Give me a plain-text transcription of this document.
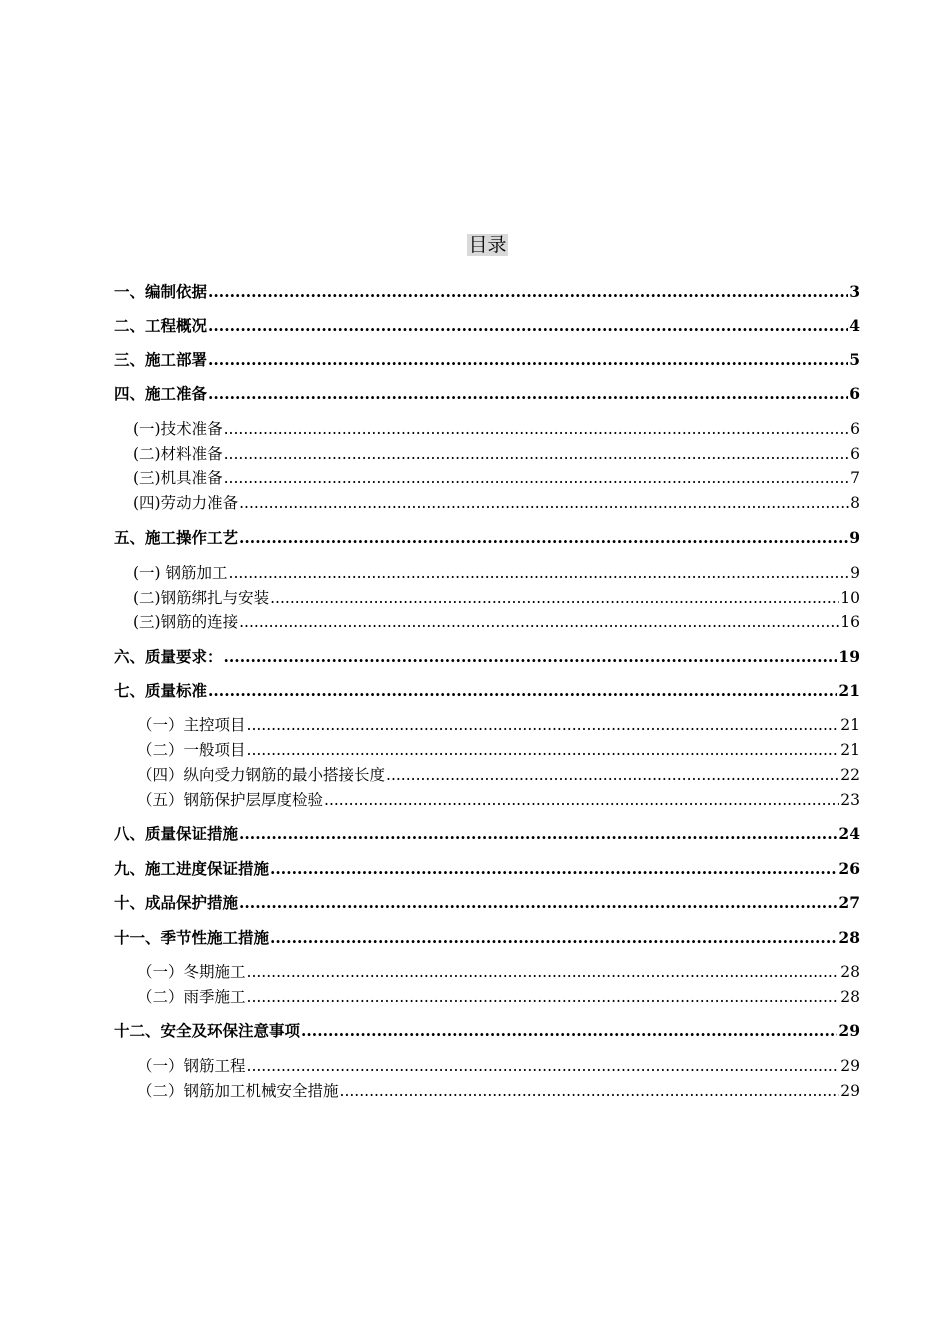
目录
一、编制依据 .....	3
二、工程概况 .....	4
三、施工部署 .....	5
四、施工准备 .....	6
(一)技术准备 .....	6
(二)材料准备 .....	6
(三)机具准备 .....	7
(四)劳动力准备 .....	8
五、施工操作工艺 .....	9
(一) 钢筋加工 .....	9
(二)钢筋绑扎与安装 .....	10
(三)钢筋的连接 .....	16
六、质量要求： .....	19
七、质量标准 .....	21
（一）主控项目 .....	21
（二）一般项目 .....	21
（四）纵向受力钢筋的最小搭接长度 .....	22
（五）钢筋保护层厚度检验 .....	23
八、质量保证措施 .....	24
九、施工进度保证措施 .....	26
十、成品保护措施 .....	27
十一、季节性施工措施 .....	28
（一）冬期施工 .....	28
（二）雨季施工 .....	28
十二、安全及环保注意事项 .....	29
（一）钢筋工程 .....	29
（二）钢筋加工机械安全措施 .....	29
